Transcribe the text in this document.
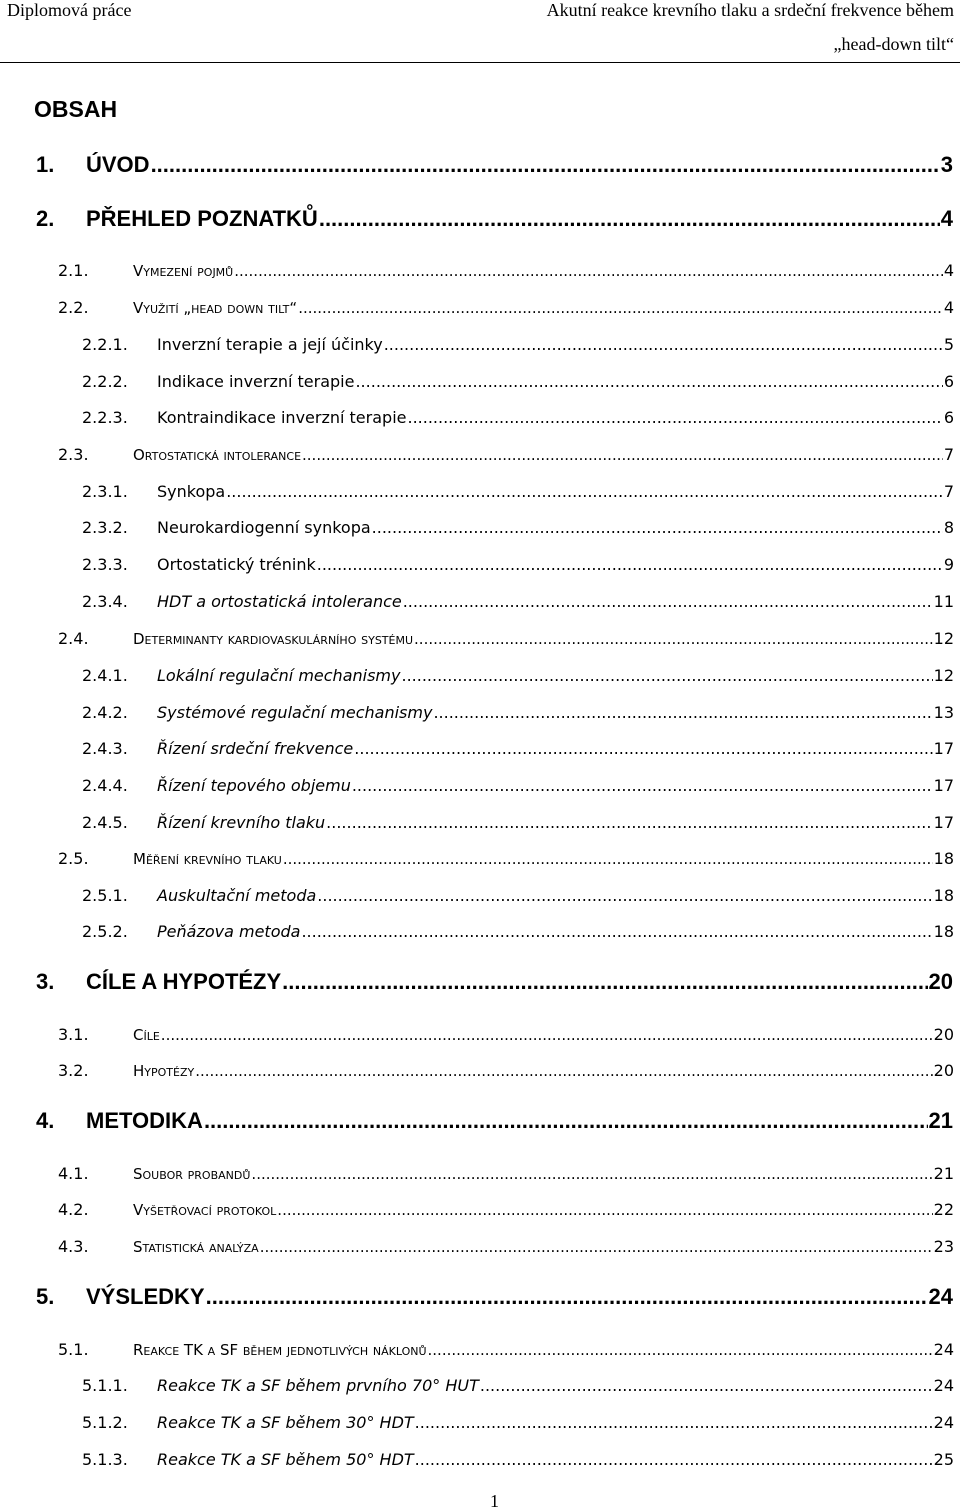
Diplomová práce	Akutní reakce krevního tlaku a srdeční frekvence během
„head-down tilt“
OBSAH
1. ÚVOD .....	3
2. PŘEHLED POZNATKŮ .....	4
2.1.	Vymezení pojmů .....	4
2.2.	Využití „head down tilt“ .....	4
2.2.1. Inverzní terapie a její účinky .....	5
2.2.2. Indikace inverzní terapie .....	6
2.2.3. Kontraindikace inverzní terapie .....	6
2.3.	Ortostatická intolerance .....	7
2.3.1. Synkopa .....	7
2.3.2. Neurokardiogenní synkopa .....	8
2.3.3. Ortostatický trénink .....	9
2.3.4. HDT a ortostatická intolerance .....	11
2.4.	Determinanty kardiovaskulárního systému .....	12
2.4.1. Lokální regulační mechanismy .....	12
2.4.2. Systémové regulační mechanismy .....	13
2.4.3. Řízení srdeční frekvence .....	17
2.4.4. Řízení tepového objemu .....	17
2.4.5. Řízení krevního tlaku .....	17
2.5.	Měření krevního tlaku .....	18
2.5.1. Auskultační metoda .....	18
2.5.2. Peňázova metoda .....	18
3. CÍLE A HYPOTÉZY .....	20
3.1.	Cíle .....	20
3.2.	Hypotézy .....	20
4. METODIKA .....	21
4.1.	Soubor probandů .....	21
4.2.	Vyšetřovací protokol .....	22
4.3.	Statistická analýza .....	23
5. VÝSLEDKY .....	24
5.1.	Reakce TK a SF během jednotlivých náklonů .....	24
5.1.1. Reakce TK a SF během prvního 70° HUT .....	24
5.1.2. Reakce TK a SF během 30° HDT .....	24
5.1.3. Reakce TK a SF během 50° HDT .....	25
1
